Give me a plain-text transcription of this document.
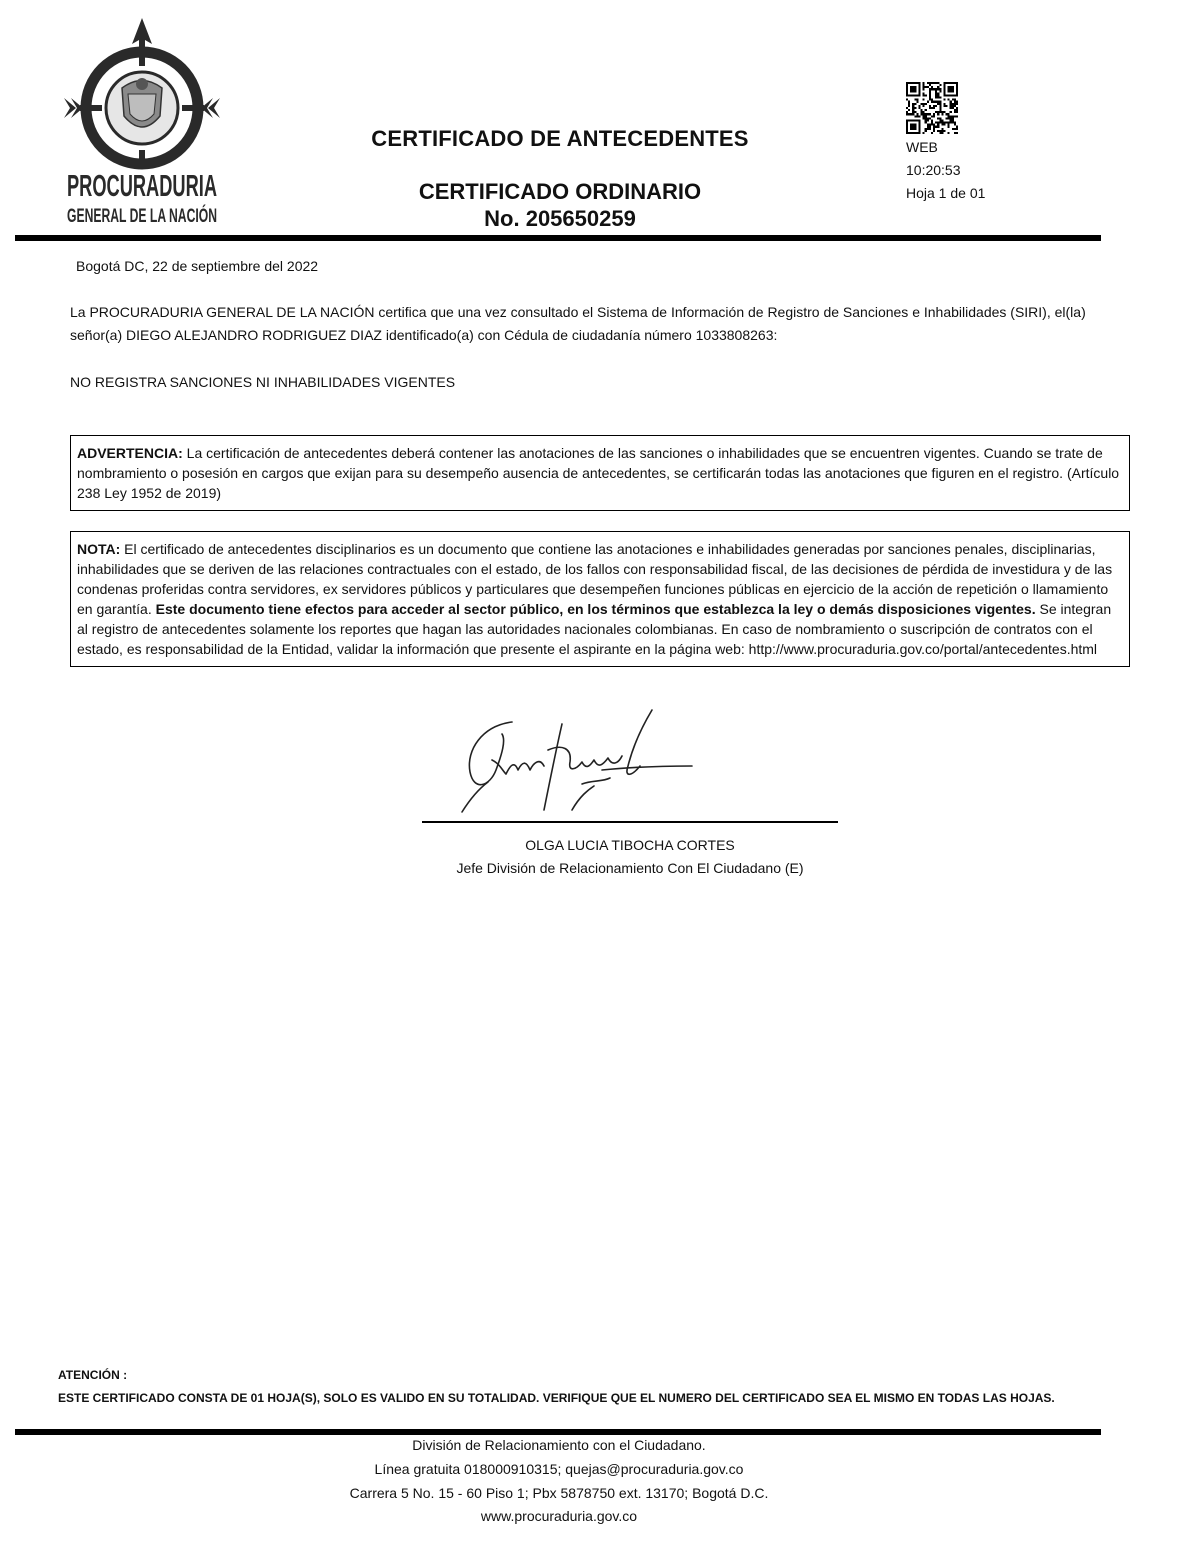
PROCURADURIA
GENERAL DE LA NACIÓN
CERTIFICADO DE ANTECEDENTES
CERTIFICADO ORDINARIO
No. 205650259
WEB
10:20:53
Hoja 1 de 01
Bogotá DC, 22 de septiembre del 2022
La PROCURADURIA GENERAL DE LA NACIÓN certifica que una vez consultado el Sistema de Información de Registro de Sanciones e Inhabilidades (SIRI), el(la) señor(a) DIEGO ALEJANDRO RODRIGUEZ DIAZ identificado(a) con Cédula de ciudadanía número 1033808263:
NO REGISTRA SANCIONES NI INHABILIDADES VIGENTES
ADVERTENCIA: La certificación de antecedentes deberá contener las anotaciones de las sanciones o inhabilidades que se encuentren vigentes. Cuando se trate de nombramiento o posesión en cargos que exijan para su desempeño ausencia de antecedentes, se certificarán todas las anotaciones que figuren en el registro. (Artículo 238 Ley 1952 de 2019)
NOTA: El certificado de antecedentes disciplinarios es un documento que contiene las anotaciones e inhabilidades generadas por sanciones penales, disciplinarias, inhabilidades que se deriven de las relaciones contractuales con el estado, de los fallos con responsabilidad fiscal, de las decisiones de pérdida de investidura y de las condenas proferidas contra servidores, ex servidores públicos y particulares que desempeñen funciones públicas en ejercicio de la acción de repetición o llamamiento en garantía. Este documento tiene efectos para acceder al sector público, en los términos que establezca la ley o demás disposiciones vigentes. Se integran al registro de antecedentes solamente los reportes que hagan las autoridades nacionales colombianas. En caso de nombramiento o suscripción de contratos con el estado, es responsabilidad de la Entidad, validar la información que presente el aspirante en la página web: http://www.procuraduria.gov.co/portal/antecedentes.html
OLGA LUCIA TIBOCHA CORTES
Jefe División de Relacionamiento Con El Ciudadano (E)
ATENCIÓN :
ESTE CERTIFICADO CONSTA DE 01 HOJA(S), SOLO ES VALIDO EN SU TOTALIDAD. VERIFIQUE QUE EL NUMERO DEL CERTIFICADO SEA EL MISMO EN TODAS LAS HOJAS.
División de Relacionamiento con el Ciudadano.
Línea gratuita 018000910315; quejas@procuraduria.gov.co
Carrera 5 No. 15 - 60 Piso 1; Pbx 5878750 ext. 13170; Bogotá D.C.
www.procuraduria.gov.co
